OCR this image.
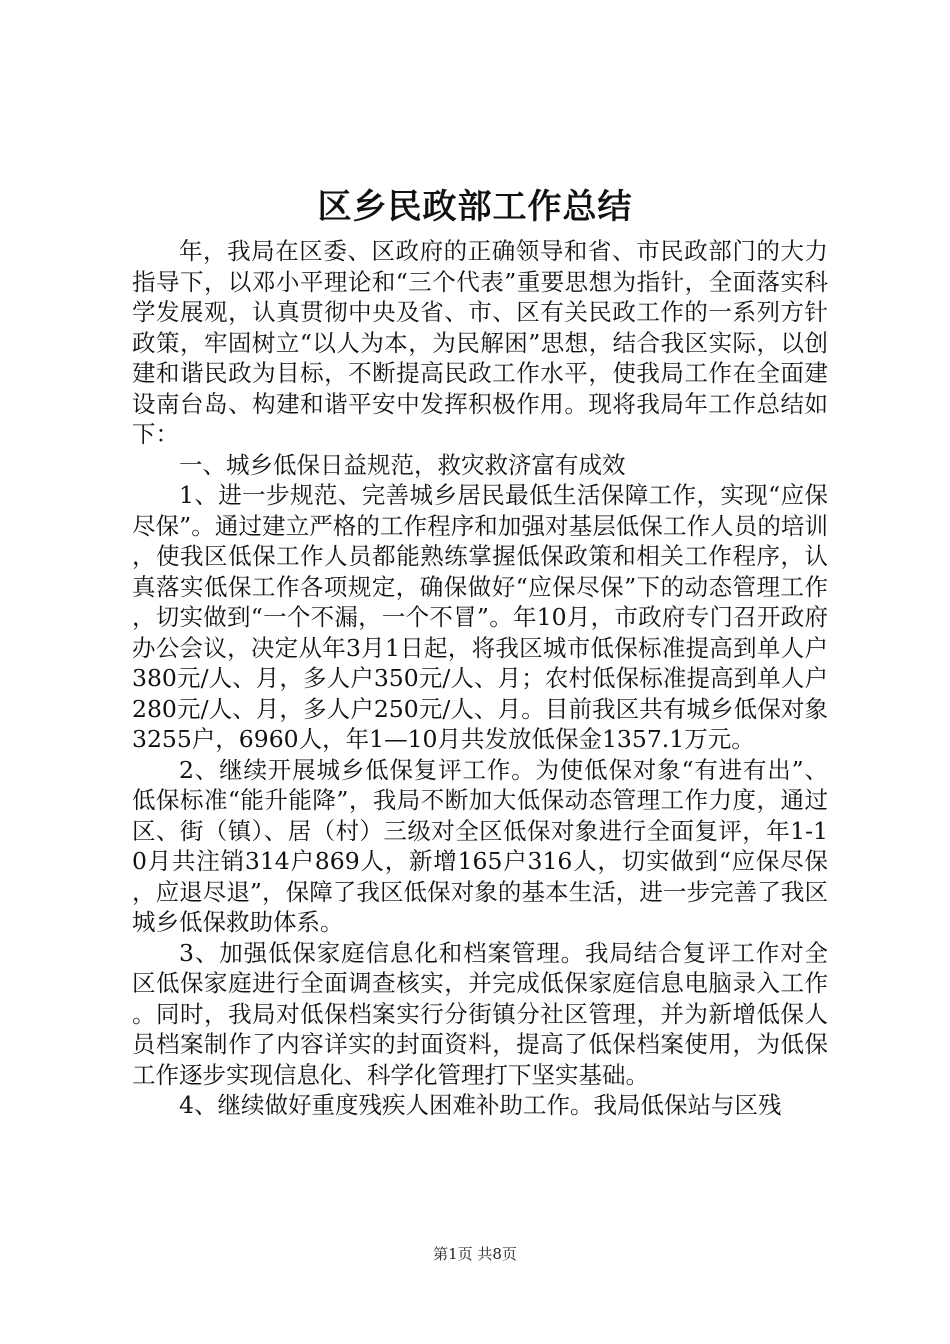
区乡民政部工作总结

年，我局在区委、区政府的正确领导和省、市民政部门的大力指导下，以邓小平理论和“三个代表”重要思想为指针，全面落实科学发展观，认真贯彻中央及省、市、区有关民政工作的一系列方针政策，牢固树立“以人为本，为民解困”思想，结合我区实际，以创建和谐民政为目标，不断提高民政工作水平，使我局工作在全面建设南台岛、构建和谐平安中发挥积极作用。现将我局年工作总结如下：

一、城乡低保日益规范，救灾救济富有成效

1、进一步规范、完善城乡居民最低生活保障工作，实现“应保尽保”。通过建立严格的工作程序和加强对基层低保工作人员的培训，使我区低保工作人员都能熟练掌握低保政策和相关工作程序，认真落实低保工作各项规定，确保做好“应保尽保”下的动态管理工作，切实做到“一个不漏，一个不冒”。年10月，市政府专门召开政府办公会议，决定从年3月1日起，将我区城市低保标准提高到单人户380元/人、月，多人户350元/人、月；农村低保标准提高到单人户280元/人、月，多人户250元/人、月。目前我区共有城乡低保对象3255户，6960人，年1—10月共发放低保金1357.1万元。

2、继续开展城乡低保复评工作。为使低保对象“有进有出”、低保标准“能升能降”，我局不断加大低保动态管理工作力度，通过区、街（镇）、居（村）三级对全区低保对象进行全面复评，年1-10月共注销314户869人，新增165户316人，切实做到“应保尽保，应退尽退”，保障了我区低保对象的基本生活，进一步完善了我区城乡低保救助体系。

3、加强低保家庭信息化和档案管理。我局结合复评工作对全区低保家庭进行全面调查核实，并完成低保家庭信息电脑录入工作。同时，我局对低保档案实行分街镇分社区管理，并为新增低保人员档案制作了内容详实的封面资料，提高了低保档案使用，为低保工作逐步实现信息化、科学化管理打下坚实基础。

4、继续做好重度残疾人困难补助工作。我局低保站与区残

第1页 共8页
